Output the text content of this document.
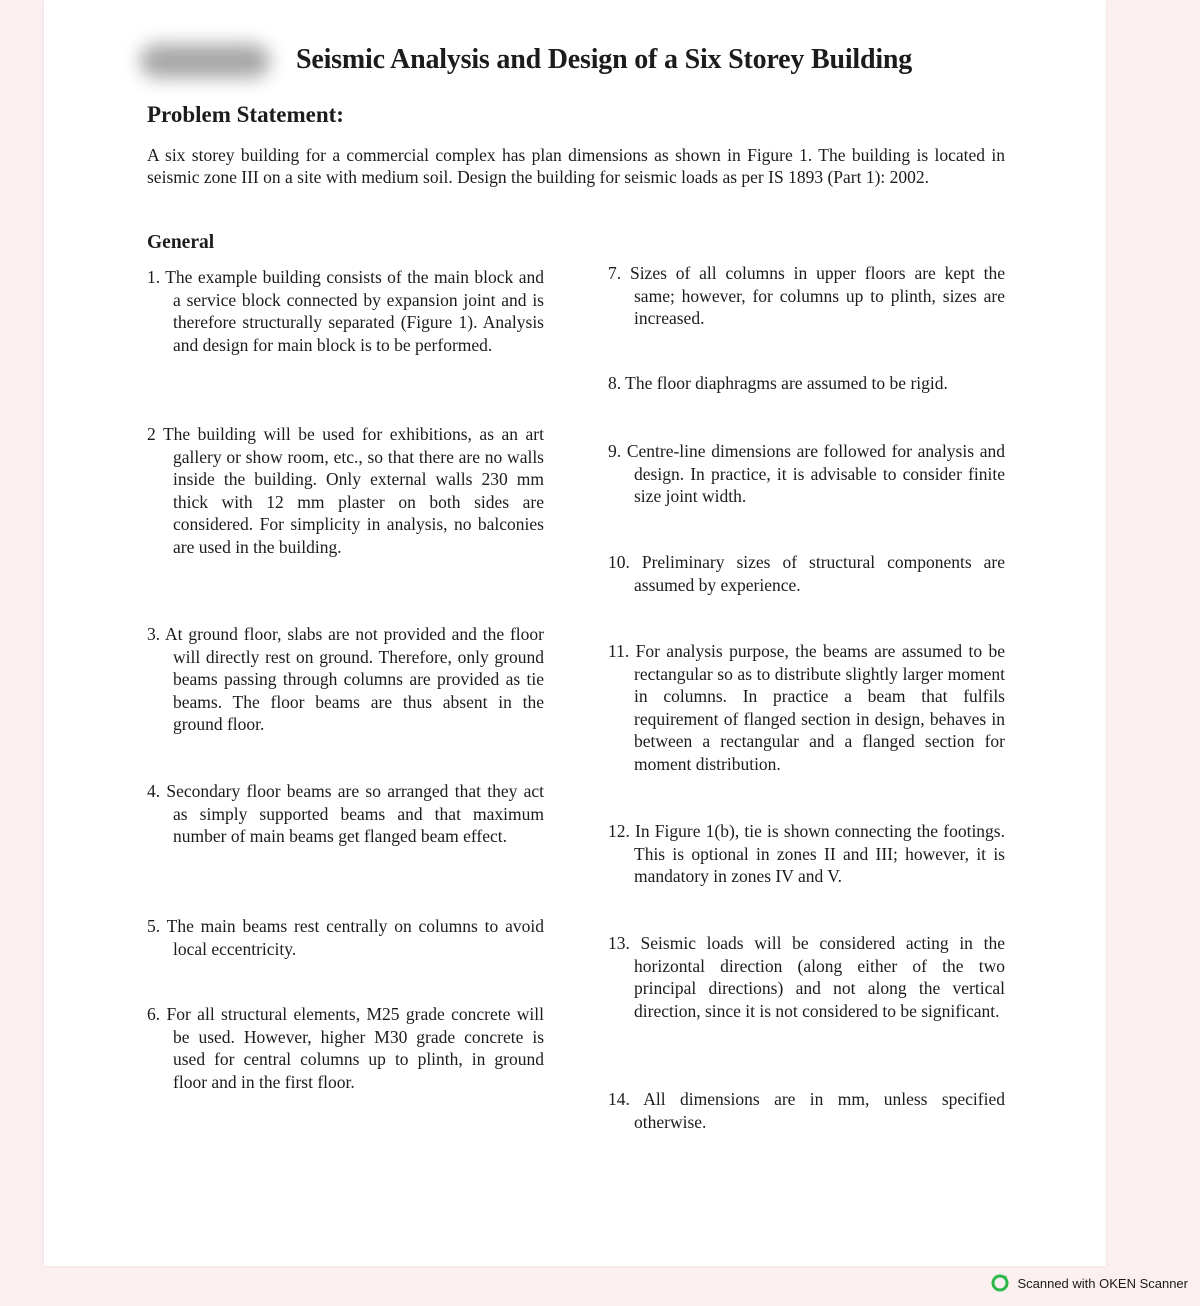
Seismic Analysis and Design of a Six Storey Building
Problem Statement:
A six storey building for a commercial complex has plan dimensions as shown in Figure 1. The building is located in seismic zone III on a site with medium soil. Design the building for seismic loads as per IS 1893 (Part 1): 2002.
General
1. The example building consists of the main block and a service block connected by expansion joint and is therefore structurally separated (Figure 1). Analysis and design for main block is to be performed.
2 The building will be used for exhibitions, as an art gallery or show room, etc., so that there are no walls inside the building. Only external walls 230 mm thick with 12 mm plaster on both sides are considered. For simplicity in analysis, no balconies are used in the building.
3. At ground floor, slabs are not provided and the floor will directly rest on ground. Therefore, only ground beams passing through columns are provided as tie beams. The floor beams are thus absent in the ground floor.
4. Secondary floor beams are so arranged that they act as simply supported beams and that maximum number of main beams get flanged beam effect.
5. The main beams rest centrally on columns to avoid local eccentricity.
6. For all structural elements, M25 grade concrete will be used. However, higher M30 grade concrete is used for central columns up to plinth, in ground floor and in the first floor.
7. Sizes of all columns in upper floors are kept the same; however, for columns up to plinth, sizes are increased.
8. The floor diaphragms are assumed to be rigid.
9. Centre-line dimensions are followed for analysis and design. In practice, it is advisable to consider finite size joint width.
10. Preliminary sizes of structural components are assumed by experience.
11. For analysis purpose, the beams are assumed to be rectangular so as to distribute slightly larger moment in columns. In practice a beam that fulfils requirement of flanged section in design, behaves in between a rectangular and a flanged section for moment distribution.
12. In Figure 1(b), tie is shown connecting the footings. This is optional in zones II and III; however, it is mandatory in zones IV and V.
13. Seismic loads will be considered acting in the horizontal direction (along either of the two principal directions) and not along the vertical direction, since it is not considered to be significant.
14. All dimensions are in mm, unless specified otherwise.
Scanned with OKEN Scanner
